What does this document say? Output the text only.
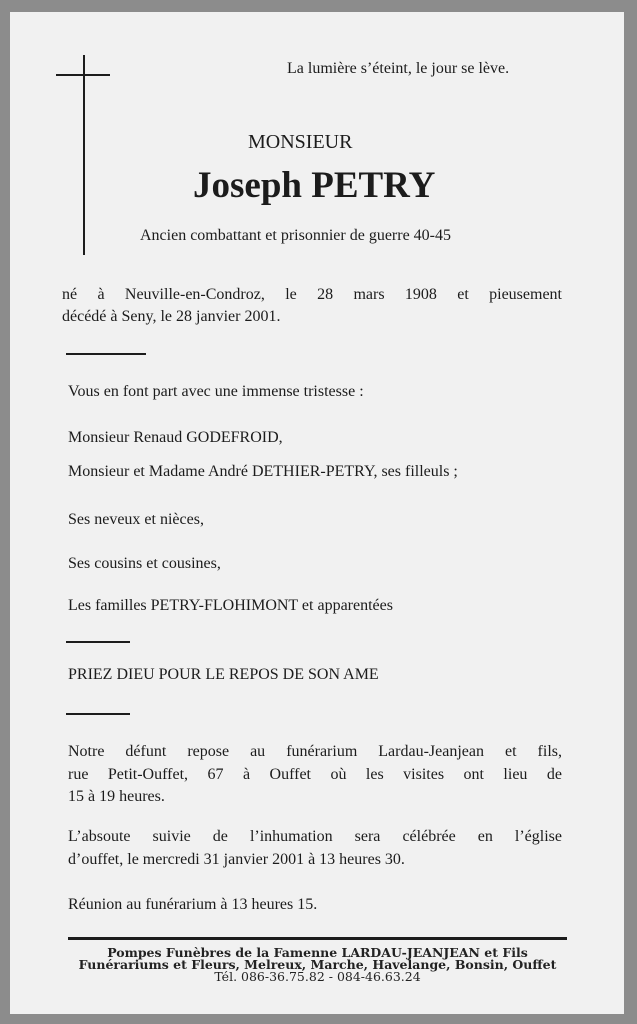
La lumière s’éteint, le jour se lève.
MONSIEUR
Joseph PETRY
Ancien combattant et prisonnier de guerre 40-45
né à Neuville-en-Condroz, le 28 mars 1908 et pieusement
décédé à Seny, le 28 janvier 2001.
Vous en font part avec une immense tristesse :
Monsieur Renaud GODEFROID,
Monsieur et Madame André DETHIER-PETRY, ses filleuls ;
Ses neveux et nièces,
Ses cousins et cousines,
Les familles PETRY-FLOHIMONT et apparentées
PRIEZ DIEU POUR LE REPOS DE SON AME
Notre défunt repose au funérarium Lardau-Jeanjean et fils,
rue Petit-Ouffet, 67 à Ouffet où les visites ont lieu de
15 à 19 heures.
L’absoute suivie de l’inhumation sera célébrée en l’église
d’ouffet, le mercredi 31 janvier 2001 à 13 heures 30.
Réunion au funérarium à 13 heures 15.
Pompes Funèbres de la Famenne LARDAU-JEANJEAN et Fils
Funérariums et Fleurs, Melreux, Marche, Havelange, Bonsin, Ouffet
Tél. 086-36.75.82 - 084-46.63.24
